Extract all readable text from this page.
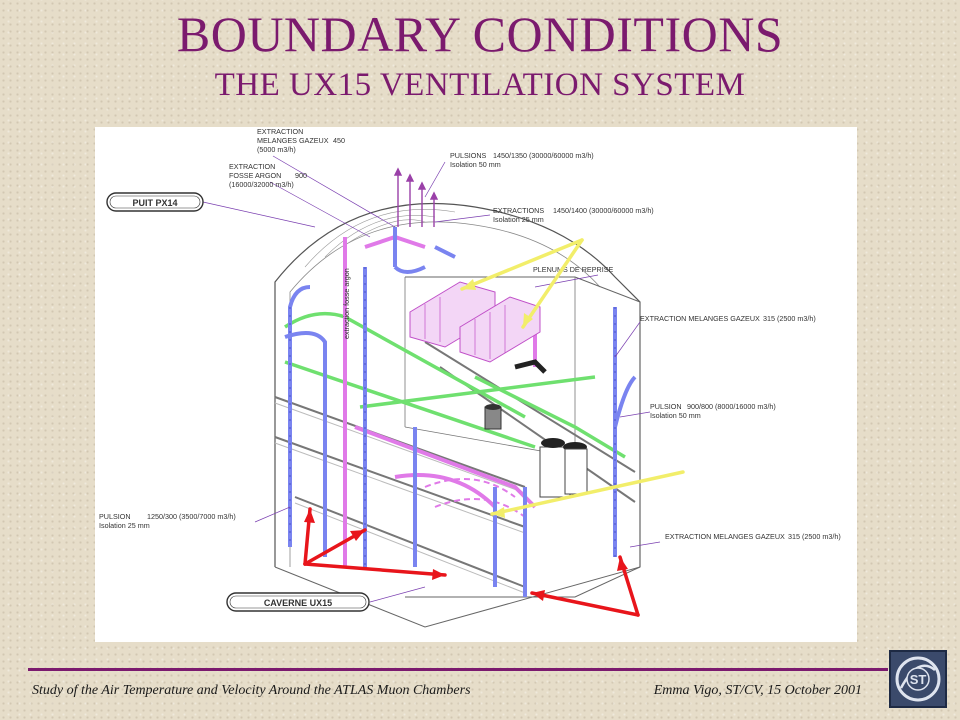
BOUNDARY CONDITIONS
THE UX15 VENTILATION SYSTEM
EXTRACTION
MELANGES GAZEUX 450
(5000 m3/h)
EXTRACTION
FOSSE ARGON 900
(16000/32000 m3/h)
PULSIONS 1450/1350 (30000/60000 m3/h)
Isolation 50 mm
EXTRACTIONS 1450/1400 (30000/60000 m3/h)
Isolation 25 mm
PLENUMS DE REPRISE
EXTRACTION MELANGES GAZEUX 315 (2500 m3/h)
PULSION 900/800 (8000/16000 m3/h)
Isolation 50 mm
extraction fosse argon
PULSION 1250/300 (3500/7000 m3/h)
Isolation 25 mm
EXTRACTION MELANGES GAZEUX 315 (2500 m3/h)
PUIT PX14
CAVERNE UX15
Study of the Air Temperature and Velocity Around the ATLAS Muon Chambers	Emma Vigo, ST/CV, 15 October 2001
ST
